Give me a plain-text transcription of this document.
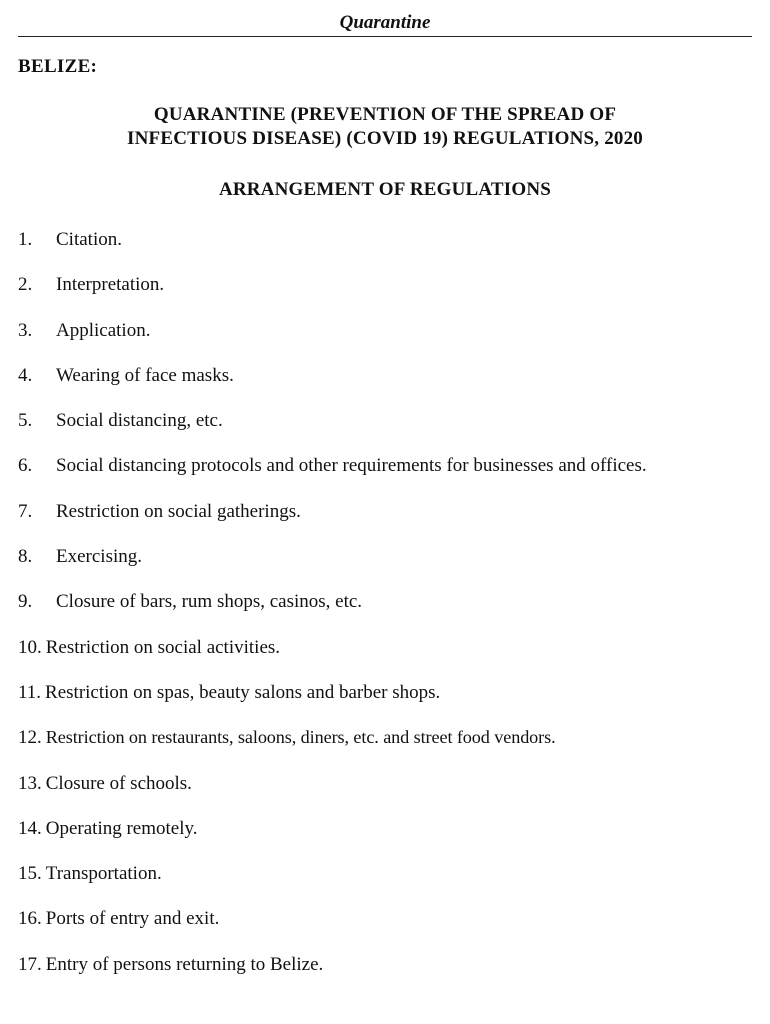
Quarantine
BELIZE:
QUARANTINE (PREVENTION OF THE SPREAD OF
INFECTIOUS DISEASE) (COVID 19) REGULATIONS, 2020
ARRANGEMENT OF REGULATIONS
1.	Citation.
2.	Interpretation.
3.	Application.
4.	Wearing of face masks.
5.	Social distancing, etc.
6.	Social distancing protocols and other requirements for businesses and offices.
7.	Restriction on social gatherings.
8.	Exercising.
9.	Closure of bars, rum shops, casinos, etc.
10. Restriction on social activities.
11. Restriction on spas, beauty salons and barber shops.
12. Restriction on restaurants, saloons, diners, etc. and street food vendors.
13. Closure of schools.
14. Operating remotely.
15. Transportation.
16. Ports of entry and exit.
17. Entry of persons returning to Belize.
